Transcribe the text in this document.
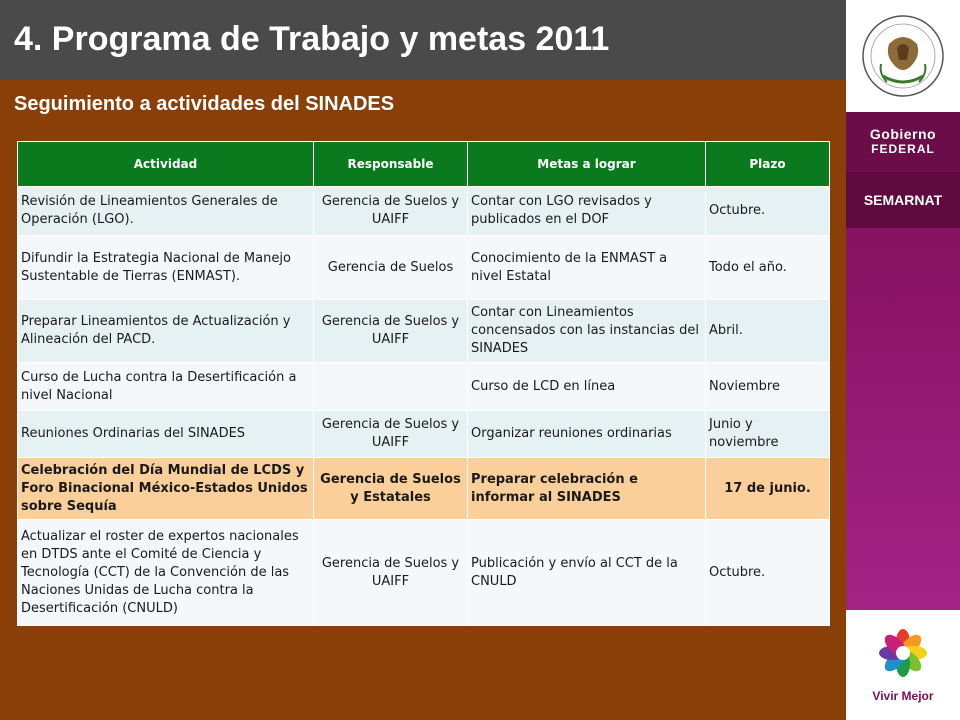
4. Programa de Trabajo y metas 2011
Seguimiento a actividades del SINADES
Gobierno
FEDERAL
SEMARNAT
Vivir Mejor
Actividad	Responsable	Metas a lograr	Plazo
Revisión de Lineamientos Generales de Operación (LGO).	Gerencia de Suelos y UAIFF	Contar con LGO revisados y publicados en el DOF	Octubre.
Difundir la Estrategia Nacional de Manejo Sustentable de Tierras (ENMAST).	Gerencia de Suelos	Conocimiento de la ENMAST a nivel Estatal	Todo el año.
Preparar Lineamientos de Actualización y Alineación del PACD.	Gerencia de Suelos y UAIFF	Contar con Lineamientos concensados con las instancias del SINADES	Abril.
Curso de Lucha contra la Desertificación a nivel Nacional		Curso de LCD en línea	Noviembre
Reuniones Ordinarias del SINADES	Gerencia de Suelos y UAIFF	Organizar reuniones ordinarias	Junio y noviembre
Celebración del Día Mundial de LCDS y Foro Binacional México-Estados Unidos sobre Sequía	Gerencia de Suelos y Estatales	Preparar celebración e informar al SINADES	17 de junio.
Actualizar el roster de expertos nacionales en DTDS ante el Comité de Ciencia y Tecnología (CCT) de la Convención de las Naciones Unidas de Lucha contra la Desertificación (CNULD)	Gerencia de Suelos y UAIFF	Publicación y envío al CCT de la CNULD	Octubre.
